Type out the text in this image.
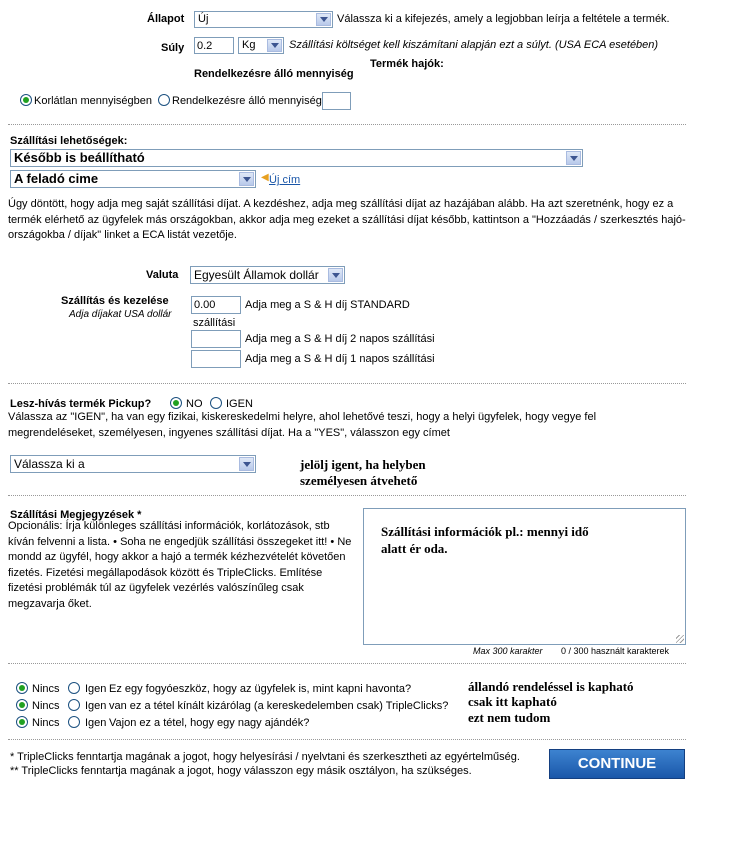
Állapot	Új	Válassza ki a kifejezés, amely a legjobban leírja a feltétele a termék.
Súly 0.2	Kg	Szállítási költséget kell kiszámítani alapján ezt a súlyt. (USA ECA esetében)
Termék hajók:
Rendelkezésre álló mennyiség
Korlátlan mennyiségben Rendelkezésre álló mennyiség
Szállítási lehetőségek:
Később is beállítható
A feladó cime	◀ Új cím
Úgy döntött, hogy adja meg saját szállítási díjat. A kezdéshez, adja meg szállítási díjat az hazájában alább. Ha azt szeretnénk, hogy ez a termék elérhető az ügyfelek más országokban, akkor adja meg ezeket a szállítási díjat később, kattintson a "Hozzáadás / szerkesztés hajó-országokba / díjak" linket a ECA listát vezetője.
Valuta	Egyesült Államok dollár
Szállítás és kezelése
Adja díjakat USA dollár
0.00	Adja meg a S & H díj STANDARD
szállítási
Adja meg a S & H díj 2 napos szállítási
Adja meg a S & H díj 1 napos szállítási
Lesz-hívás termék Pickup?	NO IGEN
Válassza az "IGEN", ha van egy fizikai, kiskereskedelmi helyre, ahol lehetővé teszi, hogy a helyi ügyfelek, hogy vegye fel megrendeléseket, személyesen, ingyenes szállítási díjat. Ha a "YES", válasszon egy címet
Válassza ki a	jelölj igent, ha helyben
személyesen átvehető
Szállítási Megjegyzések *
Opcionális: Írja különleges szállítási információk, korlátozások, stb kíván felvenni a lista. • Soha ne engedjük szállítási összegeket itt! • Ne mondd az ügyfél, hogy akkor a hajó a termék kézhezvételét követően fizetés. Fizetési megállapodások között és TripleClicks. Említése fizetési problémák túl az ügyfelek vezérlés valószínűleg csak megzavarja őket.
Szállítási információk pl.: mennyi idő
alatt ér oda.
Max 300 karakter 0 / 300 használt karakterek
Nincs Igen Ez egy fogyóeszköz, hogy az ügyfelek is, mint kapni havonta?	állandó rendeléssel is kapható
Nincs Igen van ez a tétel kínált kizárólag (a kereskedelemben csak) TripleClicks? csak itt kapható
Nincs Igen Vajon ez a tétel, hogy egy nagy ajándék?	ezt nem tudom
* TripleClicks fenntartja magának a jogot, hogy helyesírási / nyelvtani és szerkesztheti az egyértelműség.
** TripleClicks fenntartja magának a jogot, hogy válasszon egy másik osztályon, ha szükséges.	CONTINUE
